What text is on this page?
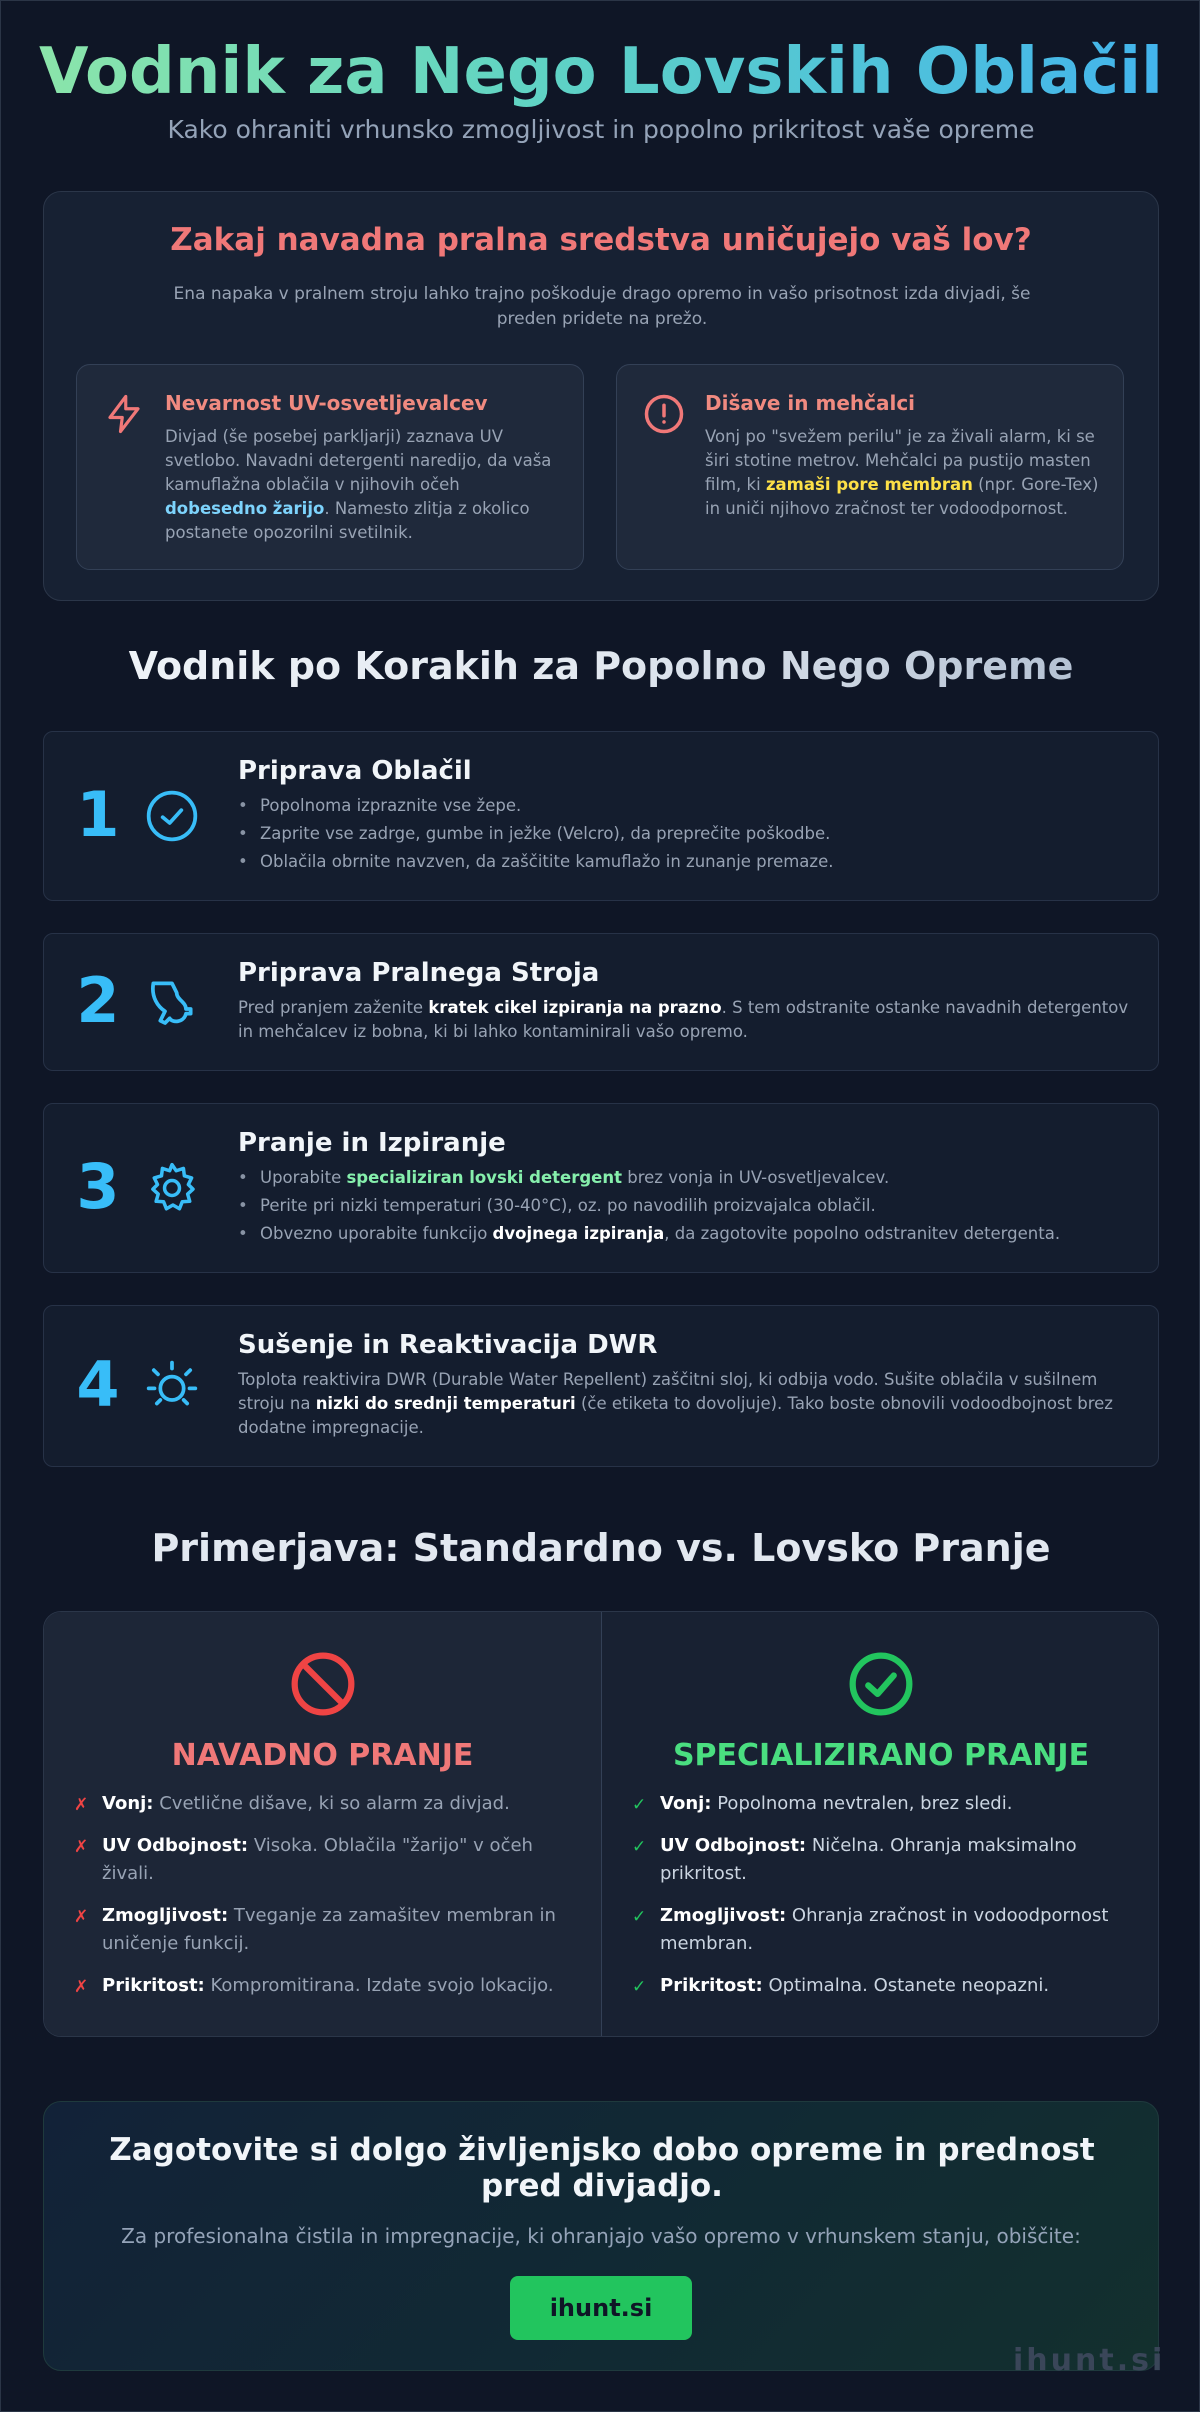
Vodnik za Nego Lovskih Oblačil
Kako ohraniti vrhunsko zmogljivost in popolno prikritost vaše opreme
Zakaj navadna pralna sredstva uničujejo vaš lov?
Ena napaka v pralnem stroju lahko trajno poškoduje drago opremo in vašo prisotnost izda divjadi, še preden pridete na prežo.
Nevarnost UV-osvetljevalcev
Divjad (še posebej parkljarji) zaznava UV svetlobo. Navadni detergenti naredijo, da vaša kamuflažna oblačila v njihovih očeh dobesedno žarijo. Namesto zlitja z okolico postanete opozorilni svetilnik.
Dišave in mehčalci
Vonj po "svežem perilu" je za živali alarm, ki se širi stotine metrov. Mehčalci pa pustijo masten film, ki zamaši pore membran (npr. Gore-Tex) in uniči njihovo zračnost ter vodoodpornost.
Vodnik po Korakih za Popolno Nego Opreme
1
Priprava Oblačil
• Popolnoma izpraznite vse žepe.
• Zaprite vse zadrge, gumbe in ježke (Velcro), da preprečite poškodbe.
• Oblačila obrnite navzven, da zaščitite kamuflažo in zunanje premaze.
2	Priprava Pralnega Stroja
Pred pranjem zaženite kratek cikel izpiranja na prazno. S tem odstranite ostanke navadnih detergentov in mehčalcev iz bobna, ki bi lahko kontaminirali vašo opremo.
3
Pranje in Izpiranje
• Uporabite specializiran lovski detergent brez vonja in UV-osvetljevalcev.
• Perite pri nizki temperaturi (30-40°C), oz. po navodilih proizvajalca oblačil.
• Obvezno uporabite funkcijo dvojnega izpiranja, da zagotovite popolno odstranitev detergenta.
4
Sušenje in Reaktivacija DWR
Toplota reaktivira DWR (Durable Water Repellent) zaščitni sloj, ki odbija vodo. Sušite oblačila v sušilnem stroju na nizki do srednji temperaturi (če etiketa to dovoljuje). Tako boste obnovili vodoodbojnost brez dodatne impregnacije.
Primerjava: Standardno vs. Lovsko Pranje
NAVADNO PRANJE
✗ Vonj: Cvetlične dišave, ki so alarm za divjad.
✗ UV Odbojnost: Visoka. Oblačila "žarijo" v očeh živali.
✗ Zmogljivost: Tveganje za zamašitev membran in uničenje funkcij.
✗ Prikritost: Kompromitirana. Izdate svojo lokacijo.
SPECIALIZIRANO PRANJE
✓ Vonj: Popolnoma nevtralen, brez sledi.
✓ UV Odbojnost: Ničelna. Ohranja maksimalno prikritost.
✓ Zmogljivost: Ohranja zračnost in vodoodpornost membran.
✓ Prikritost: Optimalna. Ostanete neopazni.
Zagotovite si dolgo življenjsko dobo opreme in prednost pred divjadjo.
Za profesionalna čistila in impregnacije, ki ohranjajo vašo opremo v vrhunskem stanju, obiščite:
ihunt.si
ihunt.si
